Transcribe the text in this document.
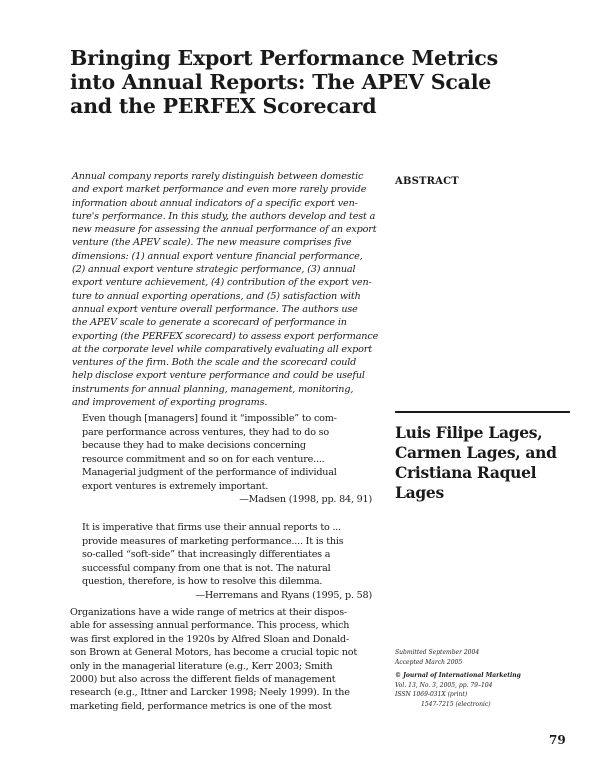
Bringing Export Performance Metrics
into Annual Reports: The APEV Scale
and the PERFEX Scorecard

Annual company reports rarely distinguish between domestic
and export market performance and even more rarely provide
information about annual indicators of a specific export ven-
ture's performance. In this study, the authors develop and test a
new measure for assessing the annual performance of an export
venture (the APEV scale). The new measure comprises five
dimensions: (1) annual export venture financial performance,
(2) annual export venture strategic performance, (3) annual
export venture achievement, (4) contribution of the export ven-
ture to annual exporting operations, and (5) satisfaction with
annual export venture overall performance. The authors use
the APEV scale to generate a scorecard of performance in
exporting (the PERFEX scorecard) to assess export performance
at the corporate level while comparatively evaluating all export
ventures of the firm. Both the scale and the scorecard could
help disclose export venture performance and could be useful
instruments for annual planning, management, monitoring,
and improvement of exporting programs.

ABSTRACT
Even though [managers] found it “impossible” to com-
pare performance across ventures, they had to do so
because they had to make decisions concerning
resource commitment and so on for each venture....
Managerial judgment of the performance of individual
export ventures is extremely important.
—Madsen (1998, pp. 84, 91)
It is imperative that firms use their annual reports to ...
provide measures of marketing performance.... It is this
so-called “soft-side” that increasingly differentiates a
successful company from one that is not. The natural
question, therefore, is how to resolve this dilemma.
—Herremans and Ryans (1995, p. 58)

Organizations have a wide range of metrics at their dispos-
able for assessing annual performance. This process, which
was first explored in the 1920s by Alfred Sloan and Donald-
son Brown at General Motors, has become a crucial topic not
only in the managerial literature (e.g., Kerr 2003; Smith
2000) but also across the different fields of management
research (e.g., Ittner and Larcker 1998; Neely 1999). In the
marketing field, performance metrics is one of the most

Luis Filipe Lages,
Carmen Lages, and
Cristiana Raquel
Lages
Submitted September 2004
Accepted March 2005
© Journal of International Marketing
Vol. 13, No. 3, 2005, pp. 79–104
ISSN 1069-031X (print)
1547-7215 (electronic)
79
